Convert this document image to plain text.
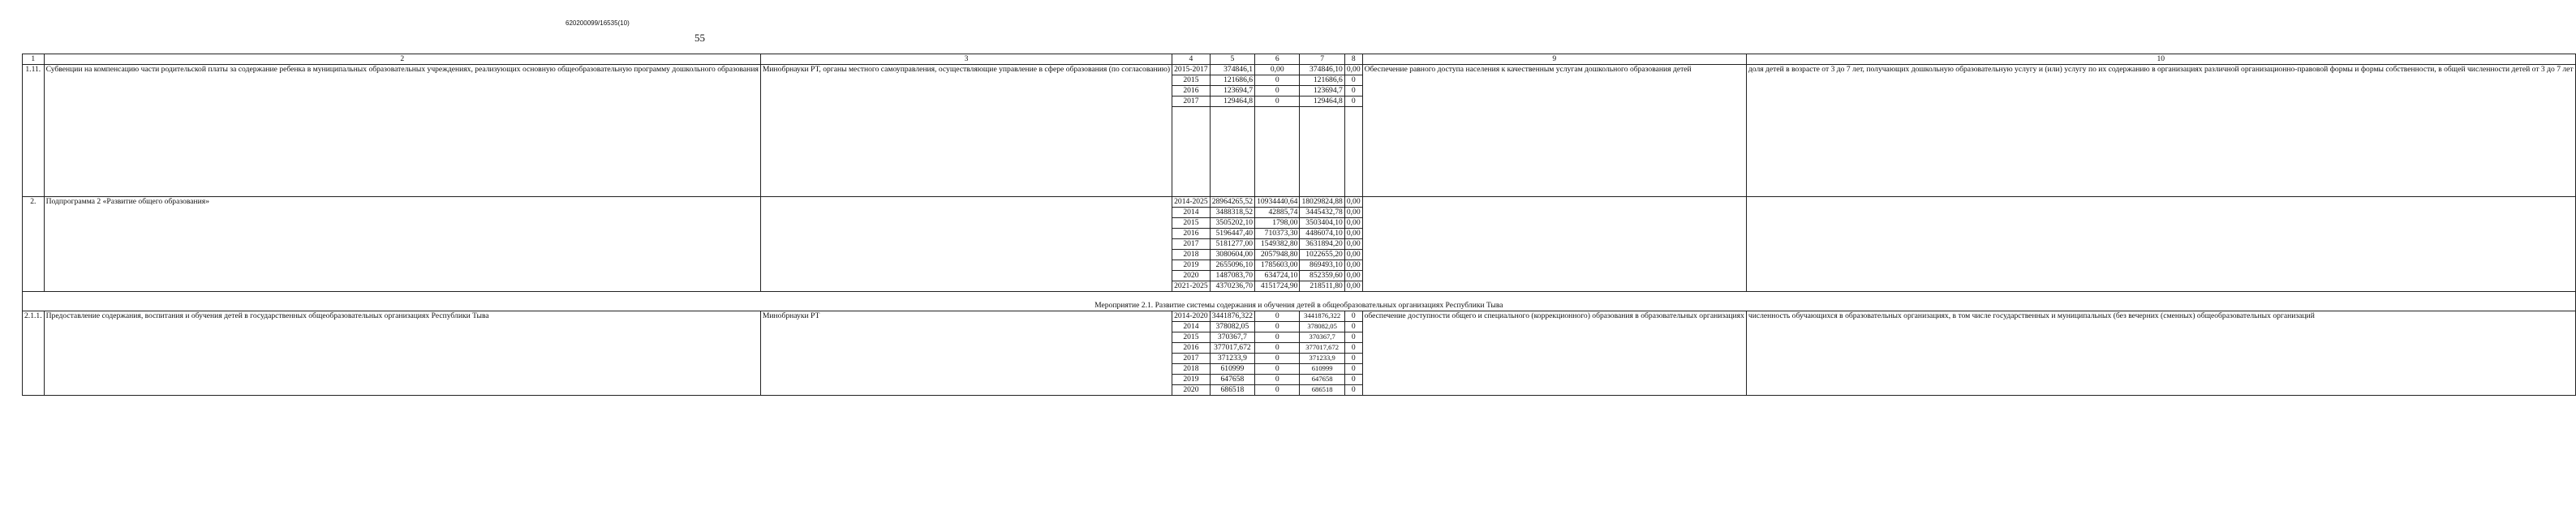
620200099/16535(10)
55
1	2	3	4	5	6	7	8	9	10
1.11.	Субвенции на компенсацию части родительской платы за содержание ребенка в муниципальных образовательных учреждениях, реализующих основную общеобразовательную программу дошкольного образования	Минобрнауки РТ, органы местного самоуправления, осуществляющие управление в сфере образования (по согласованию)	2015-2017	374846,1	0,00	374846,10	0,00	Обеспечение равного доступа населения к качественным услугам дошкольного образования детей	доля детей в возрасте от 3 до 7 лет, получающих дошкольную образовательную услугу и (или) услугу по их содержанию в организациях различной организационно-правовой формы и формы собственности, в общей численности детей от 3 до 7 лет
			2015	121686,6	0	121686,6	0		
			2016	123694,7	0	123694,7	0		
			2017	129464,8	0	129464,8	0		

2.	Подпрограмма 2 «Развитие общего образования»		2014-2025	28964265,52	10934440,64	18029824,88	0,00		
			2014	3488318,52	42885,74	3445432,78	0,00		
			2015	3505202,10	1798,00	3503404,10	0,00		
			2016	5196447,40	710373,30	4486074,10	0,00		
			2017	5181277,00	1549382,80	3631894,20	0,00		
			2018	3080604,00	2057948,80	1022655,20	0,00		
			2019	2655096,10	1785603,00	869493,10	0,00		
			2020	1487083,70	634724,10	852359,60	0,00		
			2021-2025	4370236,70	4151724,90	218511,80	0,00		
Мероприятие 2.1. Развитие системы содержания и обучения детей в общеобразовательных организациях Республики Тыва									
2.1.1.	Предоставление содержания, воспитания и обучения детей в государственных общеобразовательных организациях Республики Тыва	Минобрнауки РТ	2014-2020	3441876,322	0	3441876,322	0	обеспечение доступности общего и специального (коррекционного) образования в образовательных организациях	численность обучающихся в образовательных организациях, в том числе государственных и муниципальных (без вечерних (сменных) общеобразовательных организаций
			2014	378082,05	0	378082,05	0		
			2015	370367,7	0	370367,7	0		
			2016	377017,672	0	377017,672	0		
			2017	371233,9	0	371233,9	0		
			2018	610999	0	610999	0		
			2019	647658	0	647658	0		
			2020	686518	0	686518	0		
